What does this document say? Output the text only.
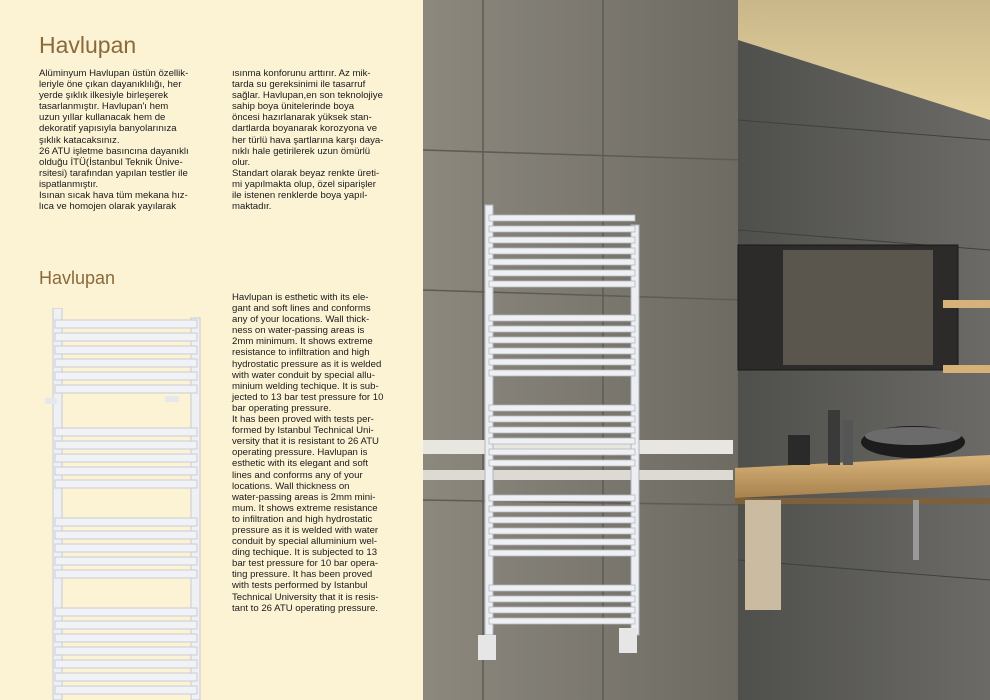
Havlupan
Alüminyum Havlupan üstün özellik-
leriyle öne çıkan dayanıklılığı, her
yerde şıklık ilkesiyle birleşerek
tasarlanmıştır. Havlupan'ı hem
uzun yıllar kullanacak hem de
dekoratif yapısıyla banyolarınıza
şıklık katacaksınız.
26 ATU işletme basıncına dayanıklı
olduğu İTÜ(İstanbul Teknik Ünive-
rsitesi) tarafından yapılan testler ile
ispatlanmıştır.
Isınan sıcak hava tüm mekana hız-
lıca ve homojen olarak yayılarak
ısınma konforunu arttırır. Az mik-
tarda su gereksinimi ile tasarruf
sağlar. Havlupan,en son teknolojiye
sahip boya ünitelerinde boya
öncesi hazırlanarak yüksek stan-
dartlarda boyanarak korozyona ve
her türlü hava şartlarına karşı daya-
nıklı hale getirilerek uzun ömürlü
olur.
Standart olarak beyaz renkte üreti-
mi yapılmakta olup, özel siparişler
ile istenen renklerde boya yapıl-
maktadır.
Havlupan
Havlupan is esthetic with its ele-
gant and soft lines and conforms
any of your locations. Wall thick-
ness on water-passing areas is
2mm minimum. It shows extreme
resistance to infiltration and high
hydrostatic pressure as it is welded
with water conduit by special allu-
minium welding techique. It is sub-
jected to 13 bar test pressure for 10
bar operating pressure.
It has been proved with tests per-
formed by Istanbul Technical Uni-
versity that it is resistant to 26 ATU
operating pressure. Havlupan is
esthetic with its elegant and soft
lines and conforms any of your
locations. Wall thickness on
water-passing areas is 2mm mini-
mum. It shows extreme resistance
to infiltration and high hydrostatic
pressure as it is welded with water
conduit by special alluminium wel-
ding techique. It is subjected to 13
bar test pressure for 10 bar opera-
ting pressure. It has been proved
with tests performed by Istanbul
Technical University that it is resis-
tant to 26 ATU operating pressure.
